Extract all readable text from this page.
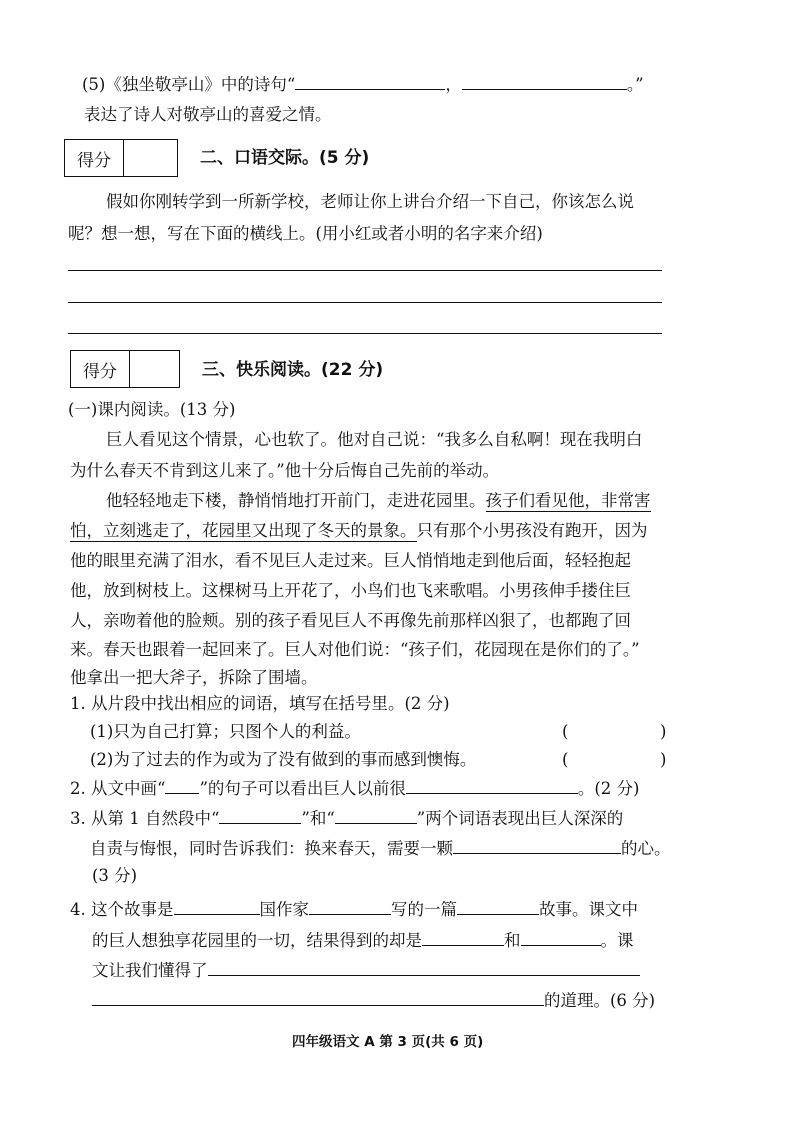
(5)《独坐敬亭山》中的诗句“	，	。”
表达了诗人对敬亭山的喜爱之情。
得分	二、口语交际。(5 分)
假如你刚转学到一所新学校，老师让你上讲台介绍一下自己，你该怎么说
呢？想一想，写在下面的横线上。(用小红或者小明的名字来介绍)
得分	三、快乐阅读。(22 分)
(一)课内阅读。(13 分)
巨人看见这个情景，心也软了。他对自己说：“我多么自私啊！现在我明白
为什么春天不肯到这儿来了。”他十分后悔自己先前的举动。
他轻轻地走下楼，静悄悄地打开前门，走进花园里。孩子们看见他，非常害
怕，立刻逃走了，花园里又出现了冬天的景象。只有那个小男孩没有跑开，因为
他的眼里充满了泪水，看不见巨人走过来。巨人悄悄地走到他后面，轻轻抱起
他，放到树枝上。这棵树马上开花了，小鸟们也飞来歌唱。小男孩伸手搂住巨
人，亲吻着他的脸颊。别的孩子看见巨人不再像先前那样凶狠了，也都跑了回
来。春天也跟着一起回来了。巨人对他们说：“孩子们，花园现在是你们的了。”
他拿出一把大斧子，拆除了围墙。
1. 从片段中找出相应的词语，填写在括号里。(2 分)
(1)只为自己打算；只图个人的利益。	(	)
(2)为了过去的作为或为了没有做到的事而感到懊悔。	(	)
2. 从文中画“ ”的句子可以看出巨人以前很	。(2 分)
3. 从第 1 自然段中“	”和“	”两个词语表现出巨人深深的
自责与悔恨，同时告诉我们：换来春天，需要一颗	的心。
(3 分)
4. 这个故事是	国作家	写的一篇	故事。课文中
的巨人想独享花园里的一切，结果得到的却是	和	。课
文让我们懂得了
的道理。(6 分)
四年级语文 A 第 3 页(共 6 页)
